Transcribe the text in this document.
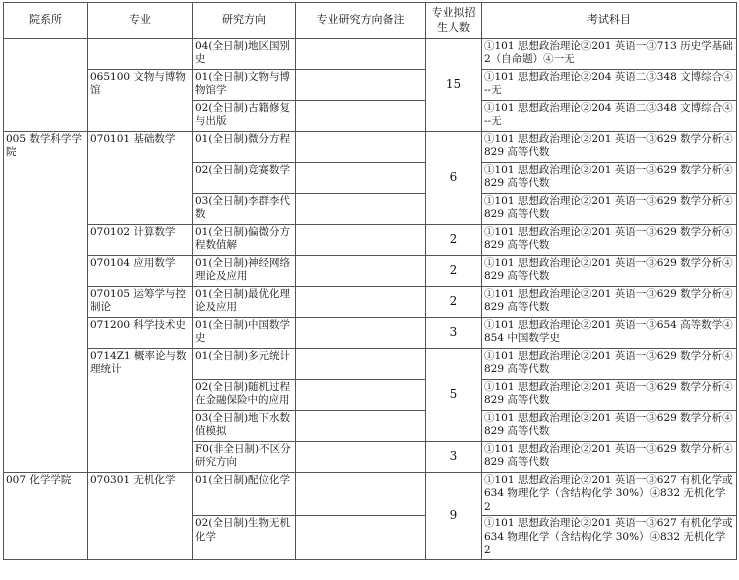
院系所	专业	研究方向	专业研究方向备注	专业拟招生人数	考试科目
		04(全日制)地区国别史		15	①101 思想政治理论②201 英语一③713 历史学基础2（自命题）④一无
	065100 文物与博物馆	01(全日制)文物与博物馆学			①101 思想政治理论②204 英语二③348 文博综合④--无
		02(全日制)古籍修复与出版			①101 思想政治理论②204 英语二③348 文博综合④--无
005 数学科学学院	070101 基础数学	01(全日制)微分方程		6	①101 思想政治理论②201 英语一③629 数学分析④829 高等代数
		02(全日制)竞赛数学			①101 思想政治理论②201 英语一③629 数学分析④829 高等代数
		03(全日制)李群李代数			①101 思想政治理论②201 英语一③629 数学分析④829 高等代数
	070102 计算数学	01(全日制)偏微分方程数值解		2	①101 思想政治理论②201 英语一③629 数学分析④829 高等代数
	070104 应用数学	01(全日制)神经网络理论及应用		2	①101 思想政治理论②201 英语一③629 数学分析④829 高等代数
	070105 运筹学与控制论	01(全日制)最优化理论及应用		2	①101 思想政治理论②201 英语一③629 数学分析④829 高等代数
	071200 科学技术史	01(全日制)中国数学史		3	①101 思想政治理论②201 英语一③654 高等数学④854 中国数学史
	0714Z1 概率论与数理统计	01(全日制)多元统计		5	①101 思想政治理论②201 英语一③629 数学分析④829 高等代数
		02(全日制)随机过程在金融保险中的应用			①101 思想政治理论②201 英语一③629 数学分析④829 高等代数
		03(全日制)地下水数值模拟			①101 思想政治理论②201 英语一③629 数学分析④829 高等代数
		F0(非全日制)不区分研究方向		3	①101 思想政治理论②201 英语一③629 数学分析④829 高等代数
007 化学学院	070301 无机化学	01(全日制)配位化学		9	①101 思想政治理论②201 英语一③627 有机化学或634 物理化学（含结构化学 30%）④832 无机化学 2
		02(全日制)生物无机化学			①101 思想政治理论②201 英语一③627 有机化学或634 物理化学（含结构化学 30%）④832 无机化学 2
